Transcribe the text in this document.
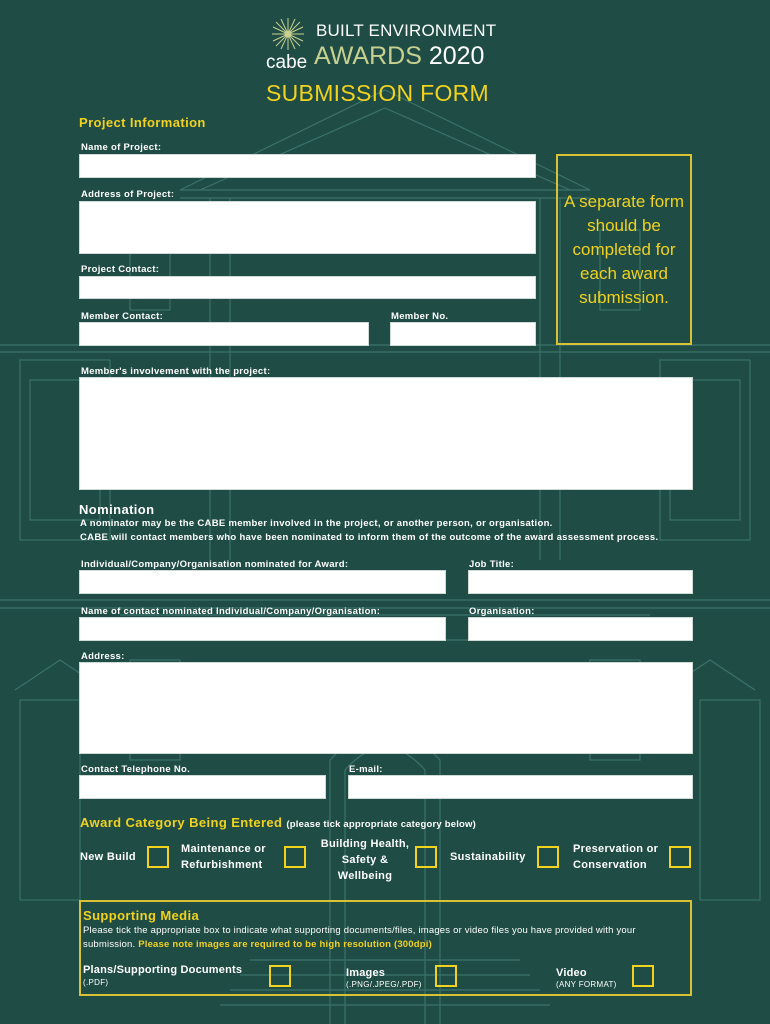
cabe
BUILT ENVIRONMENT
AWARDS 2020
SUBMISSION FORM
Project Information
Name of Project:
Address of Project:
Project Contact:
Member Contact:	Member No.
A separate form should be completed for each award submission.
Member's involvement with the project:
Nomination
A nominator may be the CABE member involved in the project, or another person, or organisation.
CABE will contact members who have been nominated to inform them of the outcome of the award assessment process.
Individual/Company/Organisation nominated for Award:	Job Title:
Name of contact nominated Individual/Company/Organisation:	Organisation:
Address:
Contact Telephone No.	E-mail:
Award Category Being Entered (please tick appropriate category below)
New Build
Maintenance or Refurbishment
Building Health, Safety & Wellbeing
Sustainability
Preservation or Conservation
Supporting Media
Please tick the appropriate box to indicate what supporting documents/files, images or video files you have provided with your submission. Please note images are required to be high resolution (300dpi)
Plans/Supporting Documents
(.PDF)
Images
(.PNG/.JPEG/.PDF)
Video
(ANY FORMAT)
